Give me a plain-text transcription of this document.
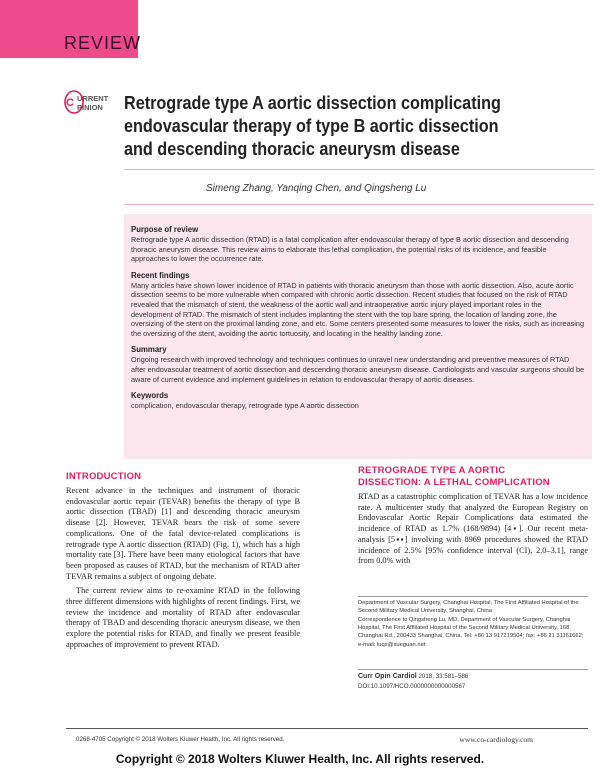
REVIEW
URRENT
PINION
C	Retrograde type A aortic dissection complicating
endovascular therapy of type B aortic dissection
and descending thoracic aneurysm disease
Simeng Zhang, Yanqing Chen, and Qingsheng Lu
Purpose of review

Retrograde type A aortic dissection (RTAD) is a fatal complication after endovascular therapy of type B aortic dissection and descending thoracic aneurysm disease. This review aims to elaborate this lethal complication, the potential risks of its incidence, and feasible approaches to lower the occurrence rate.

Recent findings

Many articles have shown lower incidence of RTAD in patients with thoracic aneurysm than those with aortic dissection. Also, acute aortic dissection seems to be more vulnerable when compared with chronic aortic dissection. Recent studies that focused on the risk of RTAD revealed that the mismatch of stent, the weakness of the aortic wall and intraoperative aortic injury played important roles in the development of RTAD. The mismatch of stent includes implanting the stent with the top bare spring, the location of landing zone, the oversizing of the stent on the proximal landing zone, and etc. Some centers presented some measures to lower the risks, such as increasing the oversizing of the stent, avoiding the aortic tortuosity, and locating in the healthy landing zone.

Summary

Ongoing research with improved technology and techniques continues to unravel new understanding and preventive measures of RTAD after endovascular treatment of aortic dissection and descending thoracic aneurysm disease. Cardiologists and vascular surgeons should be aware of current evidence and implement guidelines in relation to endovascular therapy of aortic diseases.

Keywords

complication, endovascular therapy, retrograde type A aortic dissection

INTRODUCTION

Recent advance in the techniques and instrument of thoracic endovascular aortic repair (TEVAR) benefits the therapy of type B aortic dissection (TBAD) [1] and descending thoracic aneurysm disease [2]. However, TEVAR bears the risk of some severe complications. One of the fatal device-related complications is retrograde type A aortic dissection (RTAD) (Fig. 1), which has a high mortality rate [3]. There have been many etiological factors that have been proposed as causes of RTAD, but the mechanism of RTAD after TEVAR remains a subject of ongoing debate.

The current review aims to re-examine RTAD in the following three different dimensions with highlights of recent findings. First, we review the incidence and mortality of RTAD after endovascular therapy of TBAD and descending thoracic aneurysm disease, we then explore the potential risks for RTAD, and finally we present feasible approaches of improvement to prevent RTAD.

RETROGRADE TYPE A AORTIC
DISSECTION: A LETHAL COMPLICATION

RTAD as a catastrophic complication of TEVAR has a low incidence rate. A multicenter study that analyzed the European Registry on Endovascular Aortic Repair Complications data estimated the incidence of RTAD as 1.7% (168/9894) [4▪]. Our recent meta-analysis [5▪▪] involving with 8969 procedures showed the RTAD incidence of 2.5% [95% confidence interval (CI), 2.0–3.1], range from 0.0% with

Department of Vascular Surgery, Changhai Hospital, The First Affiliated Hospital of the Second Military Medical University, Shanghai, China

Correspondence to Qingsheng Lu, MD, Department of Vascular Surgery, Changhai Hospital, The First Affiliated Hospital of the Second Military Medical University, 168 Changhai Rd., 200433 Shanghai, China. Tel: +86 13 917219504; fax: +86 21 31161662;

e-mail: luqs@xueguan.net

Curr Opin Cardiol 2018, 33:581–586
DOI:10.1097/HCO.0000000000000567
0268-4705 Copyright © 2018 Wolters Kluwer Health, Inc. All rights reserved.	www.co-cardiology.com
Copyright © 2018 Wolters Kluwer Health, Inc. All rights reserved.
